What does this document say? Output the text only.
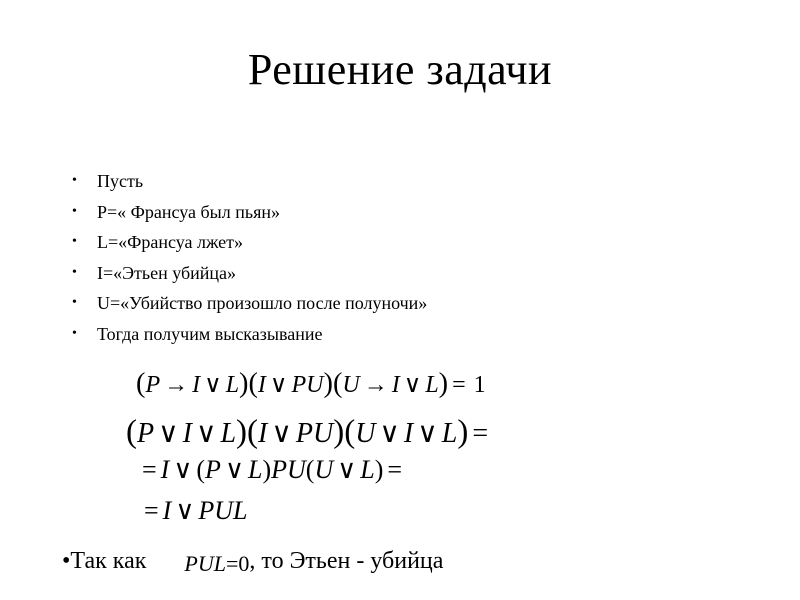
Решение задачи
• Пусть
• P=« Франсуа был пьян»
• L=«Франсуа лжет»
• I=«Этьен убийца»
• U=«Убийство произошло после полуночи»
• Тогда получим высказывание
(P → I ∨ L)(I ∨ PU)(U → I ∨ L) = 1
(P ∨ I ∨ L)(I ∨ PU)(U ∨ I ∨ L) =
= I ∨ (P ∨ L)PU(U ∨ L) =
= I ∨ PUL
•Так как PUL=0, то Этьен - убийца
